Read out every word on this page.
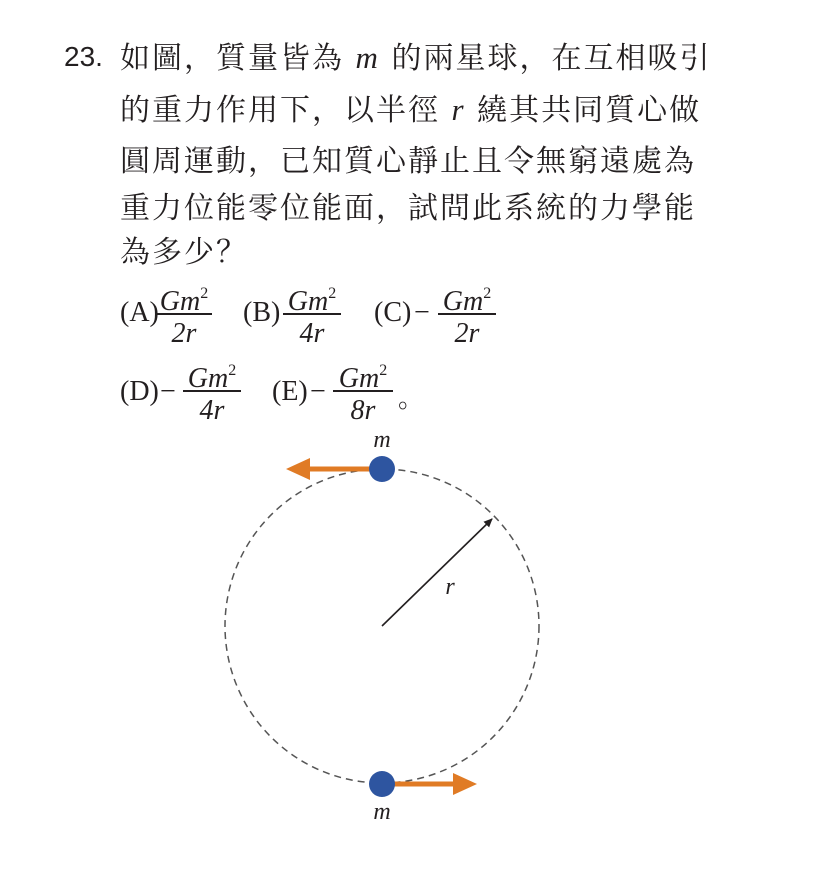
23. 如圖，質量皆為 m 的兩星球，在互相吸引
的重力作用下，以半徑 r 繞其共同質心做
圓周運動，已知質心靜止且令無窮遠處為
重力位能零位能面，試問此系統的力學能
為多少？
(A) Gm$^2$
2r
(B) Gm$^2$
4r
$(C) - Gm^2$
2r
$(D) - Gm^2$
4r
$(E) - Gm^2$
8r 。
m
r
m
